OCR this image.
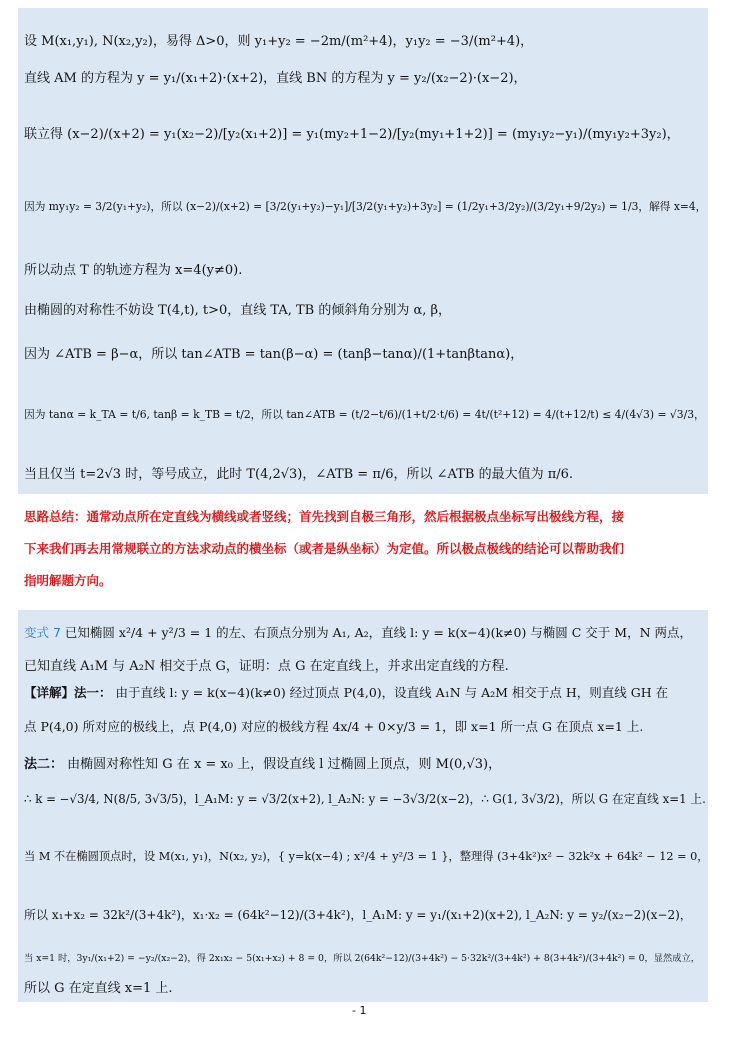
设 M(x₁,y₁), N(x₂,y₂)，易得 Δ>0，则 y₁+y₂ = −2m/(m²+4)，y₁y₂ = −3/(m²+4)，
直线 AM 的方程为 y = y₁/(x₁+2)·(x+2)，直线 BN 的方程为 y = y₂/(x₂−2)·(x−2)，
联立得 (x−2)/(x+2) = y₁(x₂−2)/[y₂(x₁+2)] = y₁(my₂+1−2)/[y₂(my₁+1+2)] = (my₁y₂−y₁)/(my₁y₂+3y₂)，
因为 my₁y₂ = 3/2(y₁+y₂)，所以 (x−2)/(x+2) = [3/2(y₁+y₂)−y₁]/[3/2(y₁+y₂)+3y₂] = (1/2y₁+3/2y₂)/(3/2y₁+9/2y₂) = 1/3，解得 x=4，
所以动点 T 的轨迹方程为 x=4(y≠0).
由椭圆的对称性不妨设 T(4,t), t>0，直线 TA, TB 的倾斜角分别为 α, β，
因为 ∠ATB = β−α，所以 tan∠ATB = tan(β−α) = (tanβ−tanα)/(1+tanβtanα)，
因为 tanα = k_TA = t/6, tanβ = k_TB = t/2，所以 tan∠ATB = (t/2−t/6)/(1+t/2·t/6) = 4t/(t²+12) = 4/(t+12/t) ≤ 4/(4√3) = √3/3，
当且仅当 t=2√3 时，等号成立，此时 T(4,2√3)，∠ATB = π/6，所以 ∠ATB 的最大值为 π/6.
思路总结：通常动点所在定直线为横线或者竖线；首先找到自极三角形，然后根据极点坐标写出极线方程，接
下来我们再去用常规联立的方法求动点的横坐标（或者是纵坐标）为定值。所以极点极线的结论可以帮助我们
指明解题方向。
变式 7 已知椭圆 x²/4 + y²/3 = 1 的左、右顶点分别为 A₁, A₂，直线 l: y = k(x−4)(k≠0) 与椭圆 C 交于 M，N 两点，
已知直线 A₁M 与 A₂N 相交于点 G，证明：点 G 在定直线上，并求出定直线的方程.
【详解】法一： 由于直线 l: y = k(x−4)(k≠0) 经过顶点 P(4,0)，设直线 A₁N 与 A₂M 相交于点 H，则直线 GH 在
点 P(4,0) 所对应的极线上，点 P(4,0) 对应的极线方程 4x/4 + 0×y/3 = 1，即 x=1 所一点 G 在顶点 x=1 上.
法二： 由椭圆对称性知 G 在 x = x₀ 上，假设直线 l 过椭圆上顶点，则 M(0,√3)，
∴ k = −√3/4, N(8/5, 3√3/5)，l_A₁M: y = √3/2(x+2), l_A₂N: y = −3√3/2(x−2)，∴ G(1, 3√3/2)，所以 G 在定直线 x=1 上.
当 M 不在椭圆顶点时，设 M(x₁, y₁)，N(x₂, y₂)，{ y=k(x−4) ; x²/4 + y²/3 = 1 }，整理得 (3+4k²)x² − 32k²x + 64k² − 12 = 0，
所以 x₁+x₂ = 32k²/(3+4k²)，x₁·x₂ = (64k²−12)/(3+4k²)，l_A₁M: y = y₁/(x₁+2)(x+2), l_A₂N: y = y₂/(x₂−2)(x−2)，
当 x=1 时，3y₁/(x₁+2) = −y₂/(x₂−2)，得 2x₁x₂ − 5(x₁+x₂) + 8 = 0，所以 2(64k²−12)/(3+4k²) − 5·32k²/(3+4k²) + 8(3+4k²)/(3+4k²) = 0，显然成立，
所以 G 在定直线 x=1 上.
- 1
